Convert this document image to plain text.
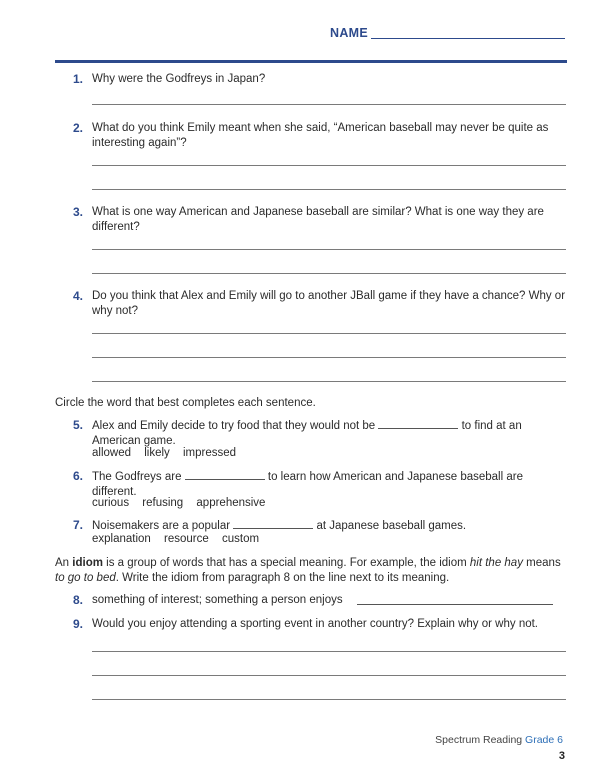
NAME
1. Why were the Godfreys in Japan?
2. What do you think Emily meant when she said, “American baseball may never be quite as interesting again”?
3. What is one way American and Japanese baseball are similar? What is one way they are different?
4. Do you think that Alex and Emily will go to another JBall game if they have a chance? Why or why not?
Circle the word that best completes each sentence.
5. Alex and Emily decide to try food that they would not be	to find at an American game.
allowed likely impressed
6. The Godfreys are	to learn how American and Japanese baseball are different.
curious refusing apprehensive
7. Noisemakers are a popular	at Japanese baseball games.
explanation resource custom
An idiom is a group of words that has a special meaning. For example, the idiom hit the hay means to go to bed. Write the idiom from paragraph 8 on the line next to its meaning.
8. something of interest; something a person enjoys
9. Would you enjoy attending a sporting event in another country? Explain why or why not.
Spectrum Reading Grade 6
3
